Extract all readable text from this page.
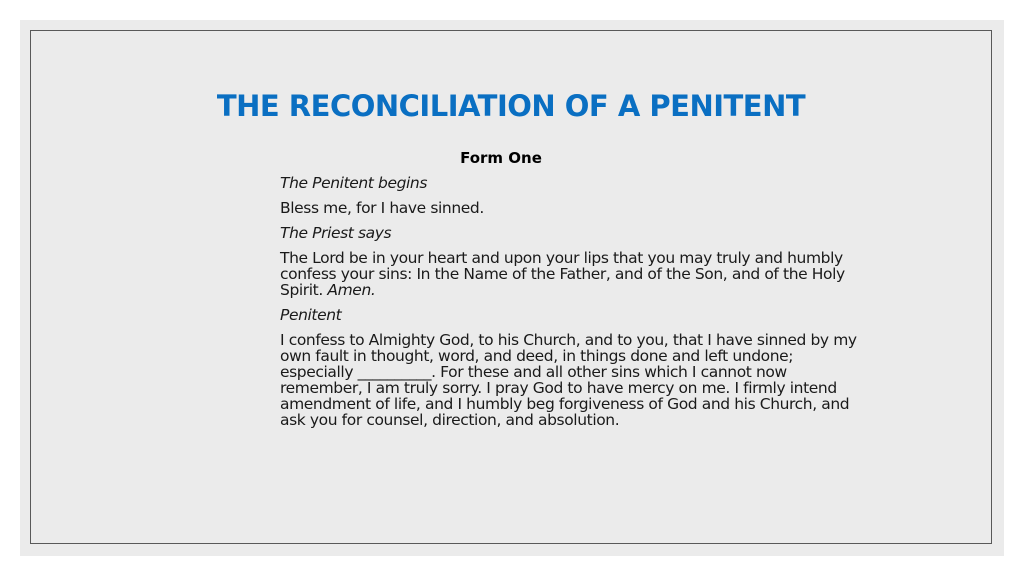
THE RECONCILIATION OF A PENITENT
Form One

The Penitent begins

Bless me, for I have sinned.

The Priest says

The Lord be in your heart and upon your lips that you may truly and humbly confess your sins: In the Name of the Father, and of the Son, and of the Holy Spirit. Amen.

Penitent

I confess to Almighty God, to his Church, and to you, that I have sinned by my own fault in thought, word, and deed, in things done and left undone; especially __________. For these and all other sins which I cannot now remember, I am truly sorry. I pray God to have mercy on me. I firmly intend amendment of life, and I humbly beg forgiveness of God and his Church, and ask you for counsel, direction, and absolution.
